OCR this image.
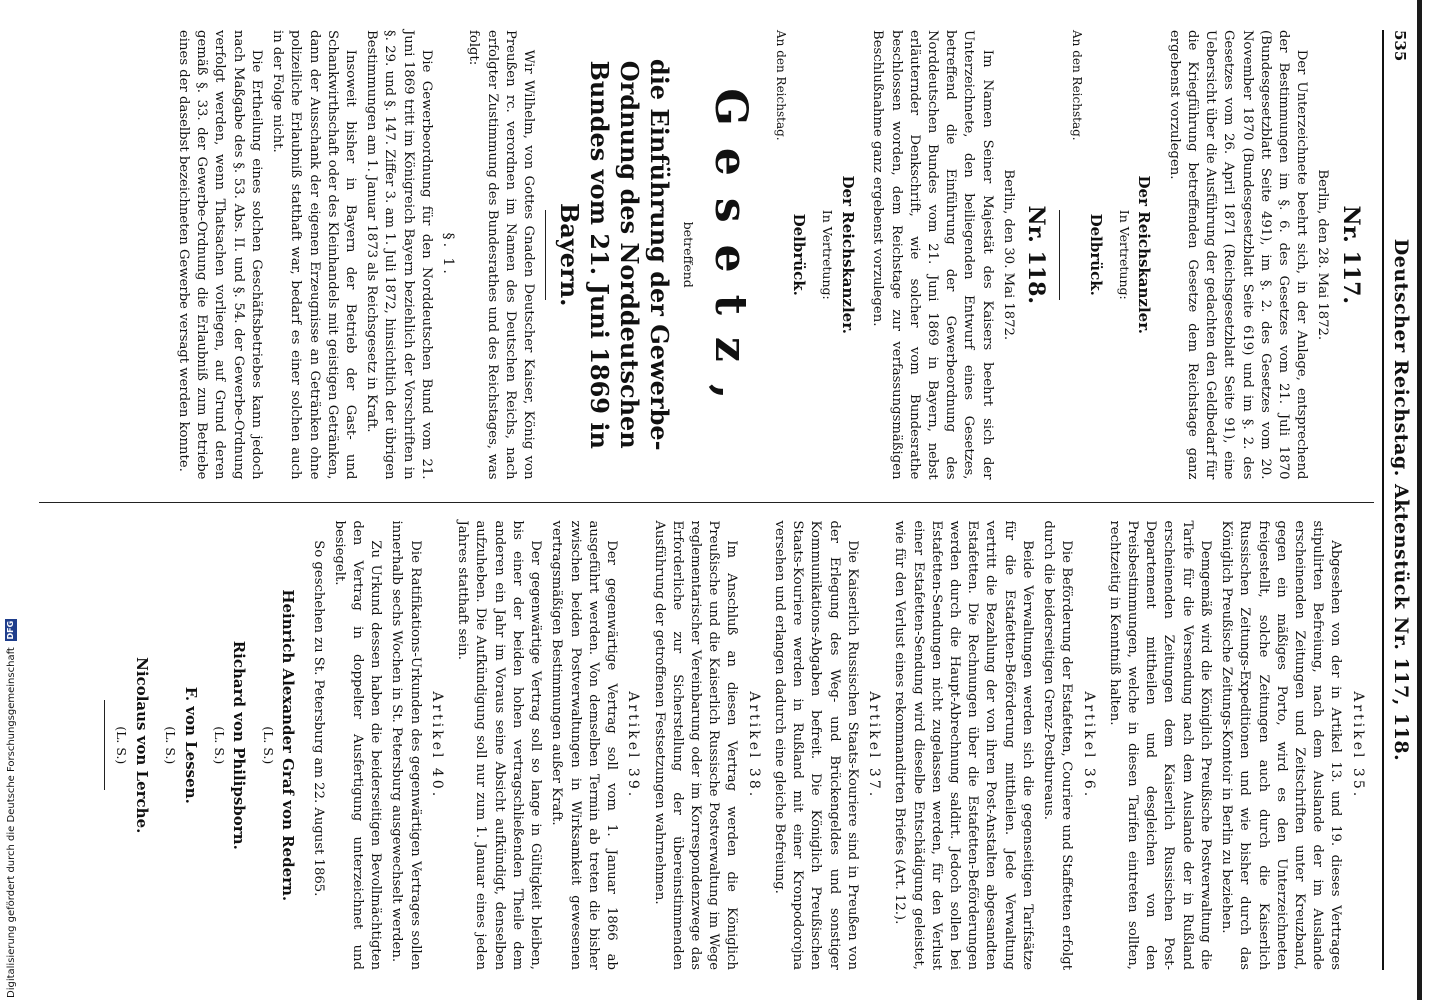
535
Deutscher Reichstag. Aktenstück Nr. 117, 118.
Nr. 117.

Berlin, den 28. Mai 1872.

Der Unterzeichnete beehrt sich, in der Anlage, entsprechend der Bestimmungen im §. 6. des Gesetzes vom 21. Juli 1870 (Bundesgesetzblatt Seite 491), im §. 2. des Gesetzes vom 20. November 1870 (Bundesgesetzblatt Seite 619) und im §. 2. des Gesetzes vom 26. April 1871 (Reichsgesetzblatt Seite 91), eine Uebersicht über die Ausführung der gedachten den Geldbedarf für die Kriegführung betreffenden Gesetze dem Reichstage ganz ergebenst vorzulegen.

Der Reichskanzler.
In Vertretung:
Delbrück.

An den Reichstag.

Nr. 118.

Berlin, den 30. Mai 1872.

Im Namen Seiner Majestät des Kaisers beehrt sich der Unterzeichnete, den beiliegenden Entwurf eines Gesetzes, betreffend die Einführung der Gewerbeordnung des Norddeutschen Bundes vom 21. Juni 1869 in Bayern, nebst erläuternder Denkschrift, wie solcher vom Bundesrathe beschlossen worden, dem Reichstage zur verfassungsmäßigen Beschlußnahme ganz ergebenst vorzulegen.

Der Reichskanzler.
In Vertretung:
Delbrück.

An den Reichstag.

Gesetz,
betreffend
die Einführung der Gewerbe-Ordnung des Norddeutschen Bundes vom 21. Juni 1869 in Bayern.

Wir Wilhelm, von Gottes Gnaden Deutscher Kaiser, König von Preußen rc. verordnen im Namen des Deutschen Reichs, nach erfolgter Zustimmung des Bundesrathes und des Reichstages, was folgt:

§. 1.

Die Gewerbeordnung für den Norddeutschen Bund vom 21. Juni 1869 tritt im Königreich Bayern beziehlich der Vorschriften in §. 29. und §. 147. Ziffer 3. am 1. Juli 1872, hinsichtlich der übrigen Bestimmungen am 1. Januar 1873 als Reichsgesetz in Kraft.

Insoweit bisher in Bayern der Betrieb der Gast- und Schankwirthschaft oder des Kleinhandels mit geistigen Getränken, dann der Ausschank der eigenen Erzeugnisse an Getränken ohne polizeiliche Erlaubniß statthaft war, bedarf es einer solchen auch in der Folge nicht.

Die Ertheilung eines solchen Geschäftsbetriebes kann jedoch nach Maßgabe des §. 53. Abs. II. und §. 54. der Gewerbe-Ordnung verfolgt werden, wenn Thatsachen vorliegen, auf Grund deren gemäß §. 33. der Gewerbe-Ordnung die Erlaubniß zum Betriebe eines der daselbst bezeichneten Gewerbe versagt werden konnte.

Artikel 35.

Abgesehen von der in Artikel 13. und 19. dieses Vertrages stipulirten Befreiung, nach dem Auslande der im Auslande erscheinenden Zeitungen und Zeitschriften unter Kreuzband, gegen ein mäßiges Porto, wird es den Unterzeichneten freigestellt, solche Zeitungen auch durch die Kaiserlich Russischen Zeitungs-Expeditionen und wie bisher durch das Königlich Preußische Zeitungs-Komtoir in Berlin zu beziehen.

Demgemäß wird die Königlich Preußische Postverwaltung die Tarife für die Versendung nach dem Auslande der in Rußland erscheinenden Zeitungen dem Kaiserlich Russischen Post-Departement mittheilen und desgleichen von den Preisbestimmungen, welche in diesen Tarifen eintreten sollten, rechtzeitig in Kenntniß halten.

Artikel 36.

Die Beförderung der Estafetten, Couriere und Staffetten erfolgt durch die beiderseitigen Grenz-Postbureaus.

Beide Verwaltungen werden sich die gegenseitigen Tarifsätze für die Estafetten-Beförderung mittheilen. Jede Verwaltung vertritt die Bezahlung der von ihren Post-Anstalten abgesandten Estafetten. Die Rechnungen über die Estafetten-Beförderungen werden durch die Haupt-Abrechnung saldirt. Jedoch sollen bei Estafetten-Sendungen nicht zugelassen werden, für den Verlust einer Estafetten-Sendung wird dieselbe Entschädigung geleistet, wie für den Verlust eines rekommandirten Briefes (Art. 12.).

Artikel 37.

Die Kaiserlich Russischen Staats-Kouriere sind in Preußen von der Erlegung des Weg- und Brückengeldes und sonstiger Kommunikations-Abgaben befreit. Die Königlich Preußischen Staats-Kouriere werden in Rußland mit einer Kronpodorojna versehen und erlangen dadurch eine gleiche Befreiung.

Artikel 38.

Im Anschluß an diesen Vertrag werden die Königlich Preußische und die Kaiserlich Russische Postverwaltung im Wege reglementarischer Vereinbarung oder im Korrespondenzwege das Erforderliche zur Sicherstellung der übereinstimmenden Ausführung der getroffenen Festsetzungen wahrnehmen.

Artikel 39.

Der gegenwärtige Vertrag soll vom 1. Januar 1866 ab ausgeführt werden. Von demselben Termin ab treten die bisher zwischen beiden Postverwaltungen in Wirksamkeit gewesenen vertragsmäßigen Bestimmungen außer Kraft.

Der gegenwärtige Vertrag soll so lange in Gültigkeit bleiben, bis einer der beiden hohen vertragschließenden Theile dem anderen ein Jahr im Voraus seine Absicht aufkündigt, denselben aufzuheben. Die Aufkündigung soll nur zum 1. Januar eines jeden Jahres statthaft sein.

Artikel 40.

Die Ratifikations-Urkunden des gegenwärtigen Vertrages sollen innerhalb sechs Wochen in St. Petersburg ausgewechselt werden.

Zu Urkund dessen haben die beiderseitigen Bevollmächtigten den Vertrag in doppelter Ausfertigung unterzeichnet und besiegelt.

So geschehen zu St. Petersburg am 22. August 1865.

Heinrich Alexander Graf von Redern.
(L. S.)
Richard von Philipsborn.
(L. S.)
F. von Lessen.
(L. S.)
Nicolaus von Lerche.
(L. S.)
Digitalisierung gefördert durch die Deutsche Forschungsgemeinschaft
DFG
